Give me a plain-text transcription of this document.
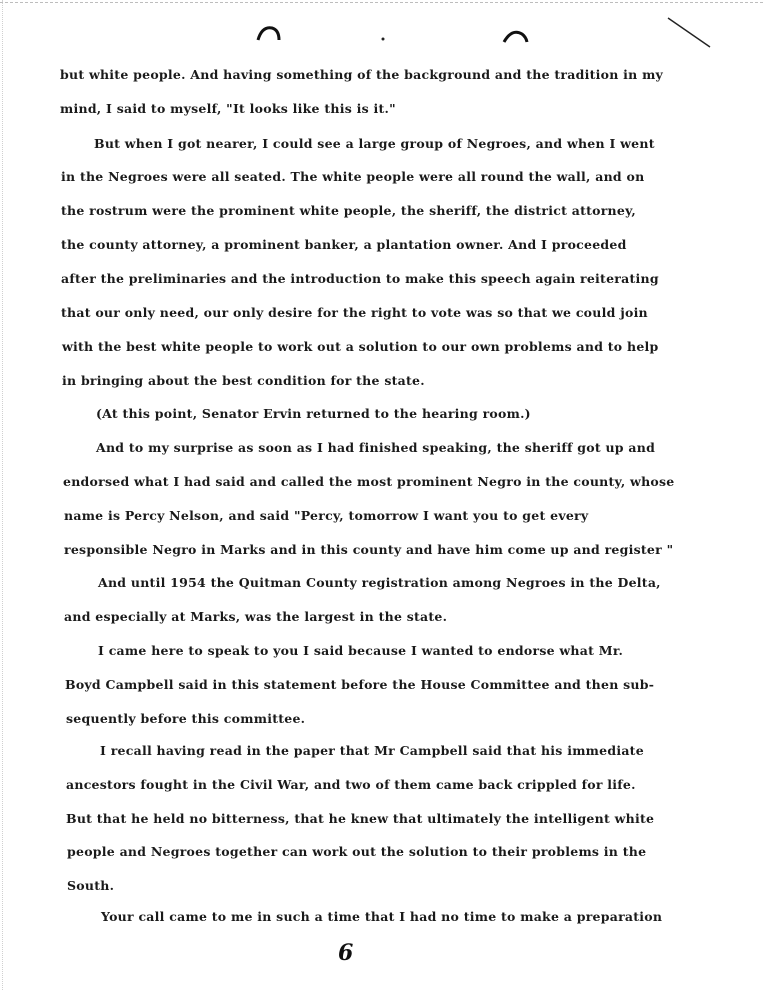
but white people. And having something of the background and the tradition in my
mind, I said to myself, "It looks like this is it."
But when I got nearer, I could see a large group of Negroes, and when I went
in the Negroes were all seated. The white people were all round the wall, and on
the rostrum were the prominent white people, the sheriff, the district attorney,
the county attorney, a prominent banker, a plantation owner. And I proceeded
after the preliminaries and the introduction to make this speech again reiterating
that our only need, our only desire for the right to vote was so that we could join
with the best white people to work out a solution to our own problems and to help
in bringing about the best condition for the state.
(At this point, Senator Ervin returned to the hearing room.)
And to my surprise as soon as I had finished speaking, the sheriff got up and
endorsed what I had said and called the most prominent Negro in the county, whose
name is Percy Nelson, and said "Percy, tomorrow I want you to get every
responsible Negro in Marks and in this county and have him come up and register "
And until 1954 the Quitman County registration among Negroes in the Delta,
and especially at Marks, was the largest in the state.
I came here to speak to you I said because I wanted to endorse what Mr.
Boyd Campbell said in this statement before the House Committee and then sub-
sequently before this committee.
I recall having read in the paper that Mr Campbell said that his immediate
ancestors fought in the Civil War, and two of them came back crippled for life.
But that he held no bitterness, that he knew that ultimately the intelligent white
people and Negroes together can work out the solution to their problems in the
South.
Your call came to me in such a time that I had no time to make a preparation
6
